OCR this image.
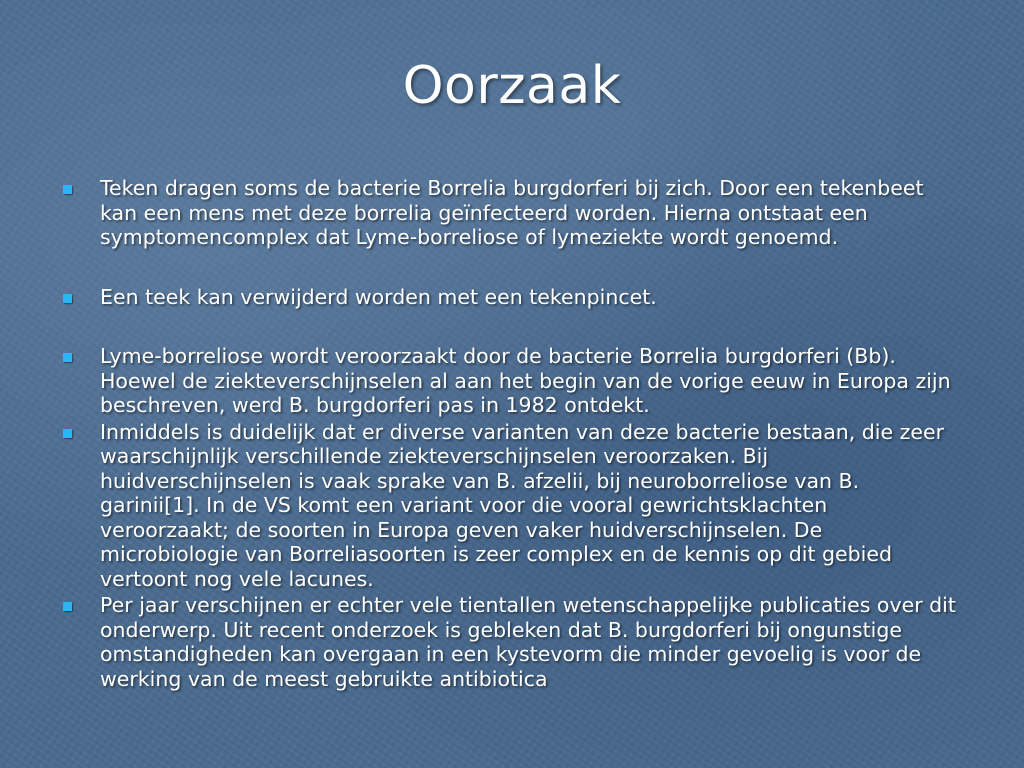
Oorzaak
Teken dragen soms de bacterie Borrelia burgdorferi bij zich. Door een tekenbeet kan een mens met deze borrelia geïnfecteerd worden. Hierna ontstaat een symptomencomplex dat Lyme-borreliose of lymeziekte wordt genoemd.
Een teek kan verwijderd worden met een tekenpincet.
Lyme-borreliose wordt veroorzaakt door de bacterie Borrelia burgdorferi (Bb). Hoewel de ziekteverschijnselen al aan het begin van de vorige eeuw in Europa zijn beschreven, werd B. burgdorferi pas in 1982 ontdekt.
Inmiddels is duidelijk dat er diverse varianten van deze bacterie bestaan, die zeer waarschijnlijk verschillende ziekteverschijnselen veroorzaken. Bij huidverschijnselen is vaak sprake van B. afzelii, bij neuroborreliose van B. garinii[1]. In de VS komt een variant voor die vooral gewrichtsklachten veroorzaakt; de soorten in Europa geven vaker huidverschijnselen. De microbiologie van Borreliasoorten is zeer complex en de kennis op dit gebied vertoont nog vele lacunes.
Per jaar verschijnen er echter vele tientallen wetenschappelijke publicaties over dit onderwerp. Uit recent onderzoek is gebleken dat B. burgdorferi bij ongunstige omstandigheden kan overgaan in een kystevorm die minder gevoelig is voor de werking van de meest gebruikte antibiotica
